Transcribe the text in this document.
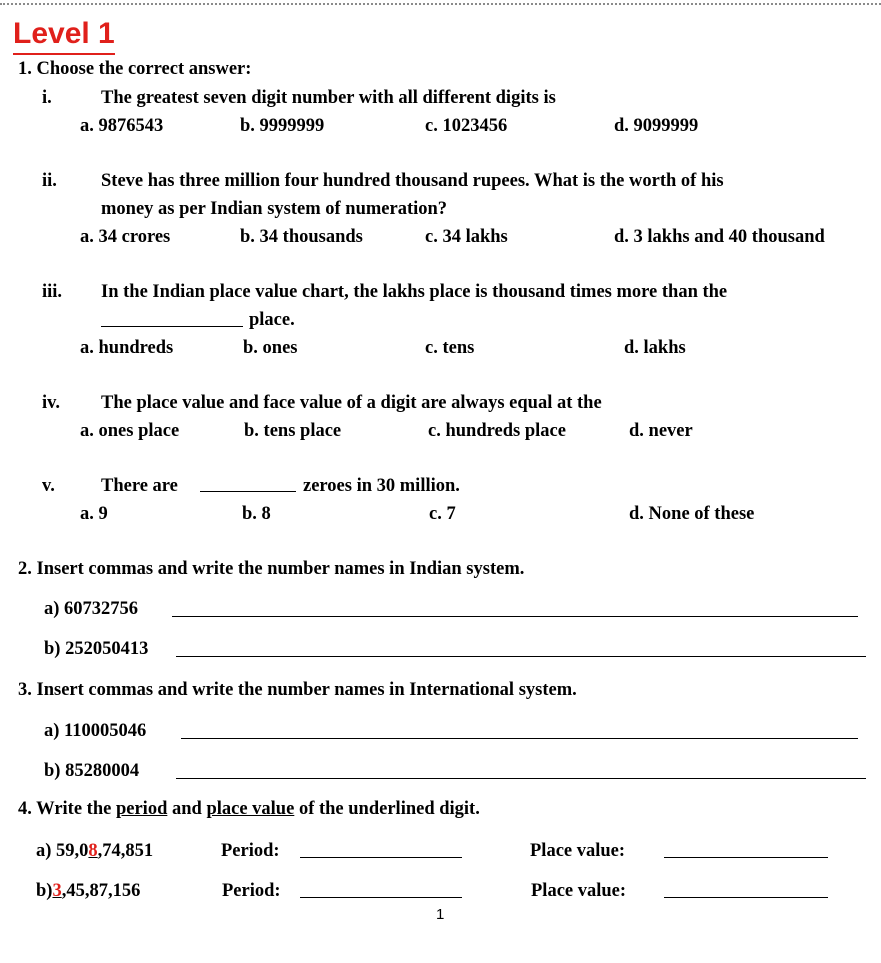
Level 1
1. Choose the correct answer:
i.	The greatest seven digit number with all different digits is
a. 9876543	b. 9999999	c. 1023456	d. 9099999
ii. Steve has three million four hundred thousand rupees. What is the worth of his
money as per Indian system of numeration?
a. 34 crores	b. 34 thousands	c. 34 lakhs	d. 3 lakhs and 40 thousand
iii. In the Indian place value chart, the lakhs place is thousand times more than the
place.
a. hundreds	b. ones	c. tens	d. lakhs
iv. The place value and face value of a digit are always equal at the
a. ones place	b. tens place	c. hundreds place	d. never
v. There are	zeroes in 30 million.
a. 9	b. 8	c. 7	d. None of these
2. Insert commas and write the number names in Indian system.
a) 60732756
b) 252050413
3. Insert commas and write the number names in International system.
a) 110005046
b) 85280004
4. Write the period and place value of the underlined digit.
a) 59,08,74,851	Period:	Place value:
b)3,45,87,156	Period:	Place value:
1
